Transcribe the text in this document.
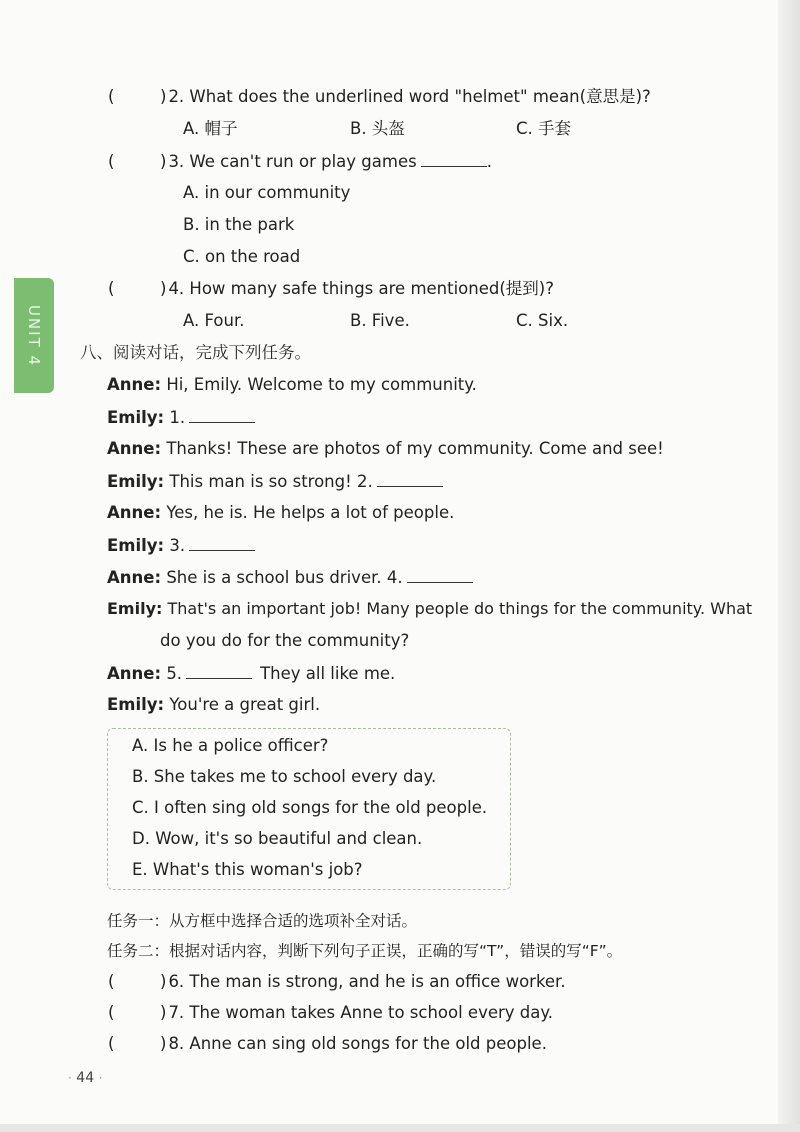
UNIT 4
(	) 2. What does the underlined word "helmet" mean(意思是)?
A. 帽子	B. 头盔	C. 手套
(	) 3. We can't run or play games	.
A. in our community
B. in the park
C. on the road
(	) 4. How many safe things are mentioned(提到)?
A. Four.	B. Five.	C. Six.
八、阅读对话，完成下列任务。
Anne: Hi, Emily. Welcome to my community.
Emily: 1.
Anne: Thanks! These are photos of my community. Come and see!
Emily: This man is so strong! 2.
Anne: Yes, he is. He helps a lot of people.
Emily: 3.
Anne: She is a school bus driver. 4.
Emily: That's an important job! Many people do things for the community. What
do you do for the community?
Anne: 5.	They all like me.
Emily: You're a great girl.
A. Is he a police officer?
B. She takes me to school every day.
C. I often sing old songs for the old people.
D. Wow, it's so beautiful and clean.
E. What's this woman's job?
任务一：从方框中选择合适的选项补全对话。
任务二：根据对话内容，判断下列句子正误，正确的写“T”，错误的写“F”。
(	) 6. The man is strong, and he is an office worker.
(	) 7. The woman takes Anne to school every day.
(	) 8. Anne can sing old songs for the old people.
· 44 ·
